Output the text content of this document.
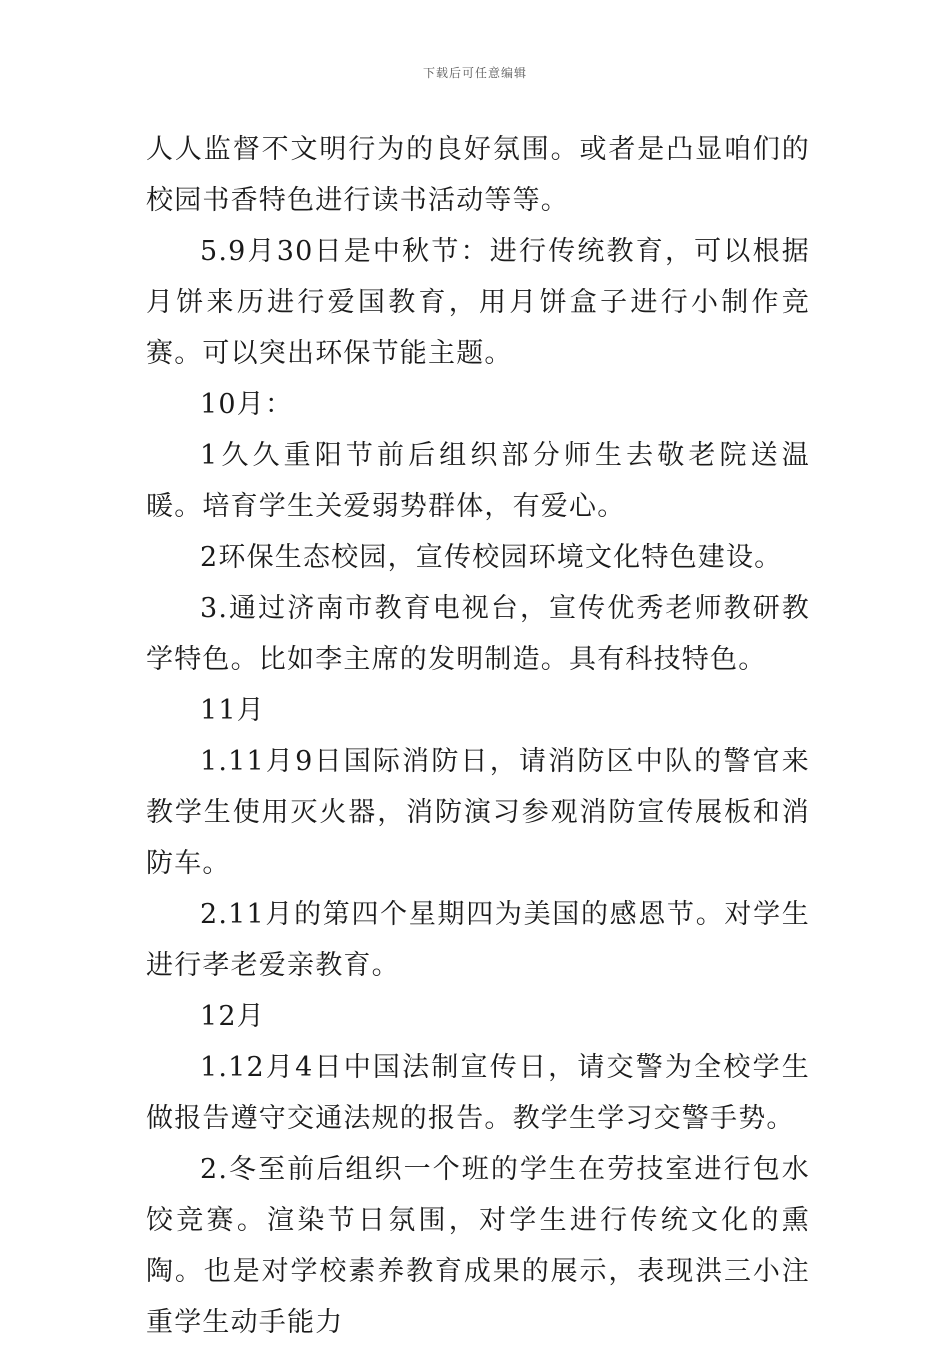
下载后可任意编辑

人人监督不文明行为的良好氛围。或者是凸显咱们的校园书香特色进行读书活动等等。

5.9月30日是中秋节：进行传统教育，可以根据月饼来历进行爱国教育，用月饼盒子进行小制作竞赛。可以突出环保节能主题。

10月：

1久久重阳节前后组织部分师生去敬老院送温暖。培育学生关爱弱势群体，有爱心。

2环保生态校园，宣传校园环境文化特色建设。

3.通过济南市教育电视台，宣传优秀老师教研教学特色。比如李主席的发明制造。具有科技特色。

11月

1.11月9日国际消防日，请消防区中队的警官来教学生使用灭火器，消防演习参观消防宣传展板和消防车。

2.11月的第四个星期四为美国的感恩节。对学生进行孝老爱亲教育。

12月

1.12月4日中国法制宣传日，请交警为全校学生做报告遵守交通法规的报告。教学生学习交警手势。

2.冬至前后组织一个班的学生在劳技室进行包水饺竞赛。渲染节日氛围，对学生进行传统文化的熏陶。也是对学校素养教育成果的展示，表现洪三小注重学生动手能力
